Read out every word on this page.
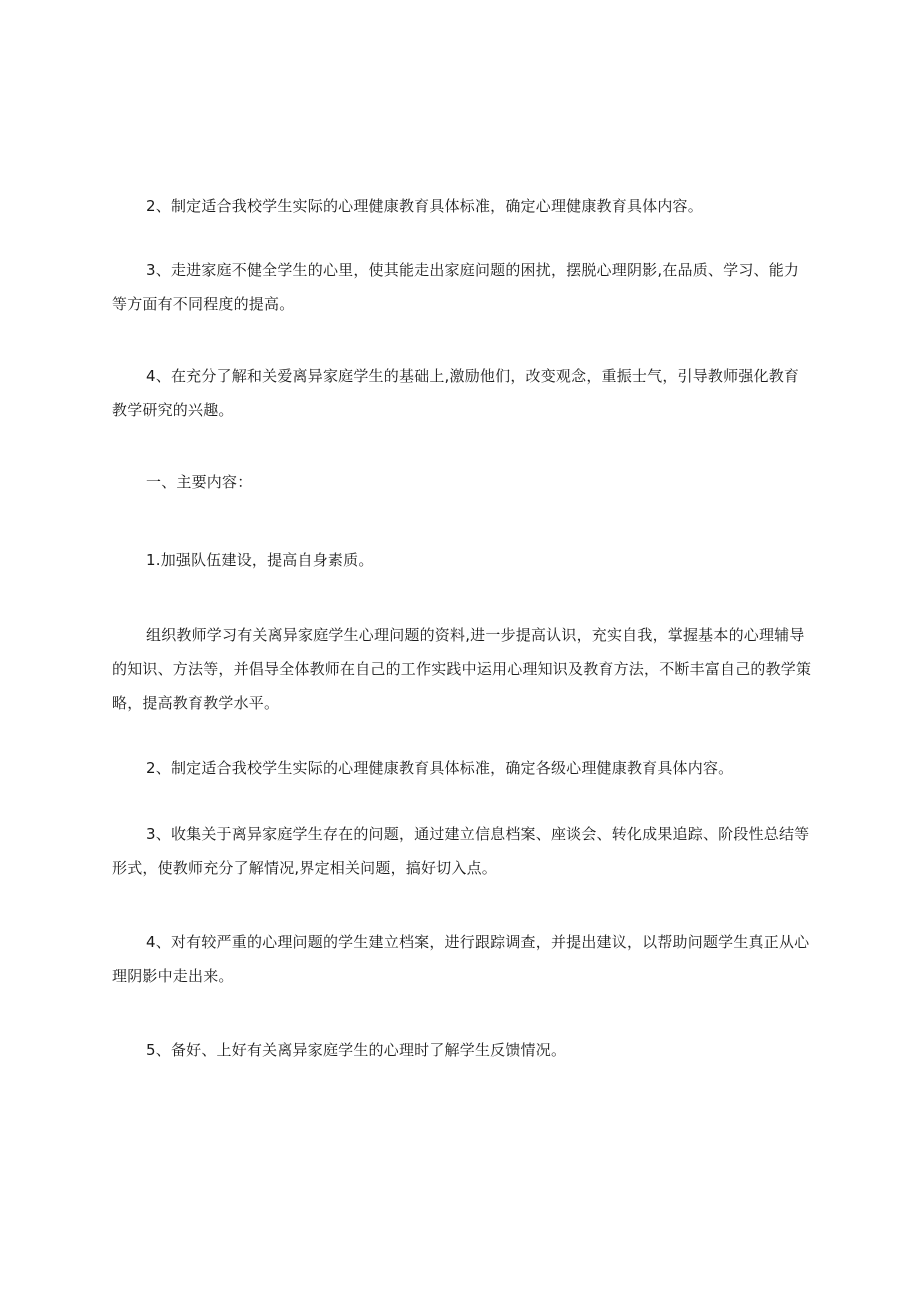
2、制定适合我校学生实际的心理健康教育具体标准，确定心理健康教育具体内容。

3、走进家庭不健全学生的心里，使其能走出家庭问题的困扰，摆脱心理阴影,在品质、学习、能力等方面有不同程度的提高。

4、在充分了解和关爱离异家庭学生的基础上,激励他们，改变观念，重振士气，引导教师强化教育教学研究的兴趣。

一、主要内容：

1.加强队伍建设，提高自身素质。

组织教师学习有关离异家庭学生心理问题的资料,进一步提高认识，充实自我，掌握基本的心理辅导的知识、方法等，并倡导全体教师在自己的工作实践中运用心理知识及教育方法，不断丰富自己的教学策略，提高教育教学水平。

2、制定适合我校学生实际的心理健康教育具体标准，确定各级心理健康教育具体内容。

3、收集关于离异家庭学生存在的问题，通过建立信息档案、座谈会、转化成果追踪、阶段性总结等形式，使教师充分了解情况,界定相关问题，搞好切入点。

4、对有较严重的心理问题的学生建立档案，进行跟踪调查，并提出建议，以帮助问题学生真正从心理阴影中走出来。

5、备好、上好有关离异家庭学生的心理时了解学生反馈情况。
